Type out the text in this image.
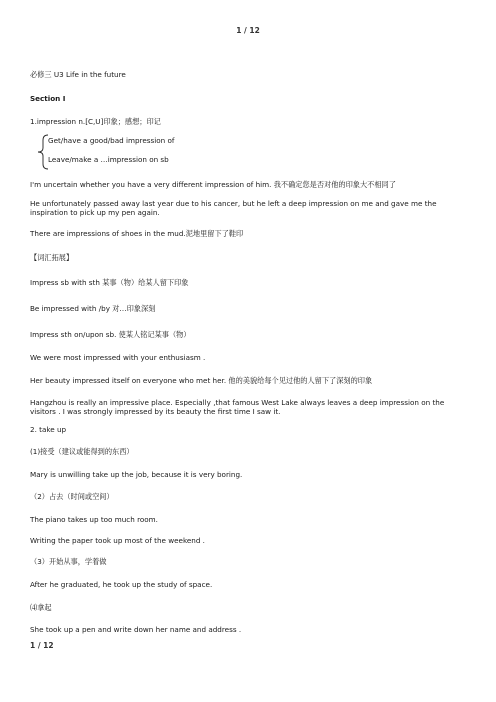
1 / 12
必修三 U3 Life in the future
Section Ⅰ
1.impression n.[C,U]印象；感想；印记
Get/have a good/bad impression of
Leave/make a …impression on sb
I'm uncertain whether you have a very different impression of him. 我不确定您是否对他的印象大不相同了
He unfortunately passed away last year due to his cancer, but he left a deep impression on me and gave me the inspiration to pick up my pen again.
There are impressions of shoes in the mud.泥地里留下了鞋印
【词汇拓展】
Impress sb with sth 某事（物）给某人留下印象
Be impressed with /by 对…印象深刻
Impress sth on/upon sb. 使某人铭记某事（物）
We were most impressed with your enthusiasm .
Her beauty impressed itself on everyone who met her. 他的美貌给每个见过他的人留下了深刻的印象
Hangzhou is really an impressive place. Especially ,that famous West Lake always leaves a deep impression on the visitors . I was strongly impressed by its beauty the first time I saw it.
2. take up
(1)接受（建议或能得到的东西）
Mary is unwilling take up the job, because it is very boring.
（2）占去（时间或空间）
The piano takes up too much room.
Writing the paper took up most of the weekend .
（3）开始从事，学着做
After he graduated, he took up the study of space.
⑷拿起
She took up a pen and write down her name and address .
1 / 12
